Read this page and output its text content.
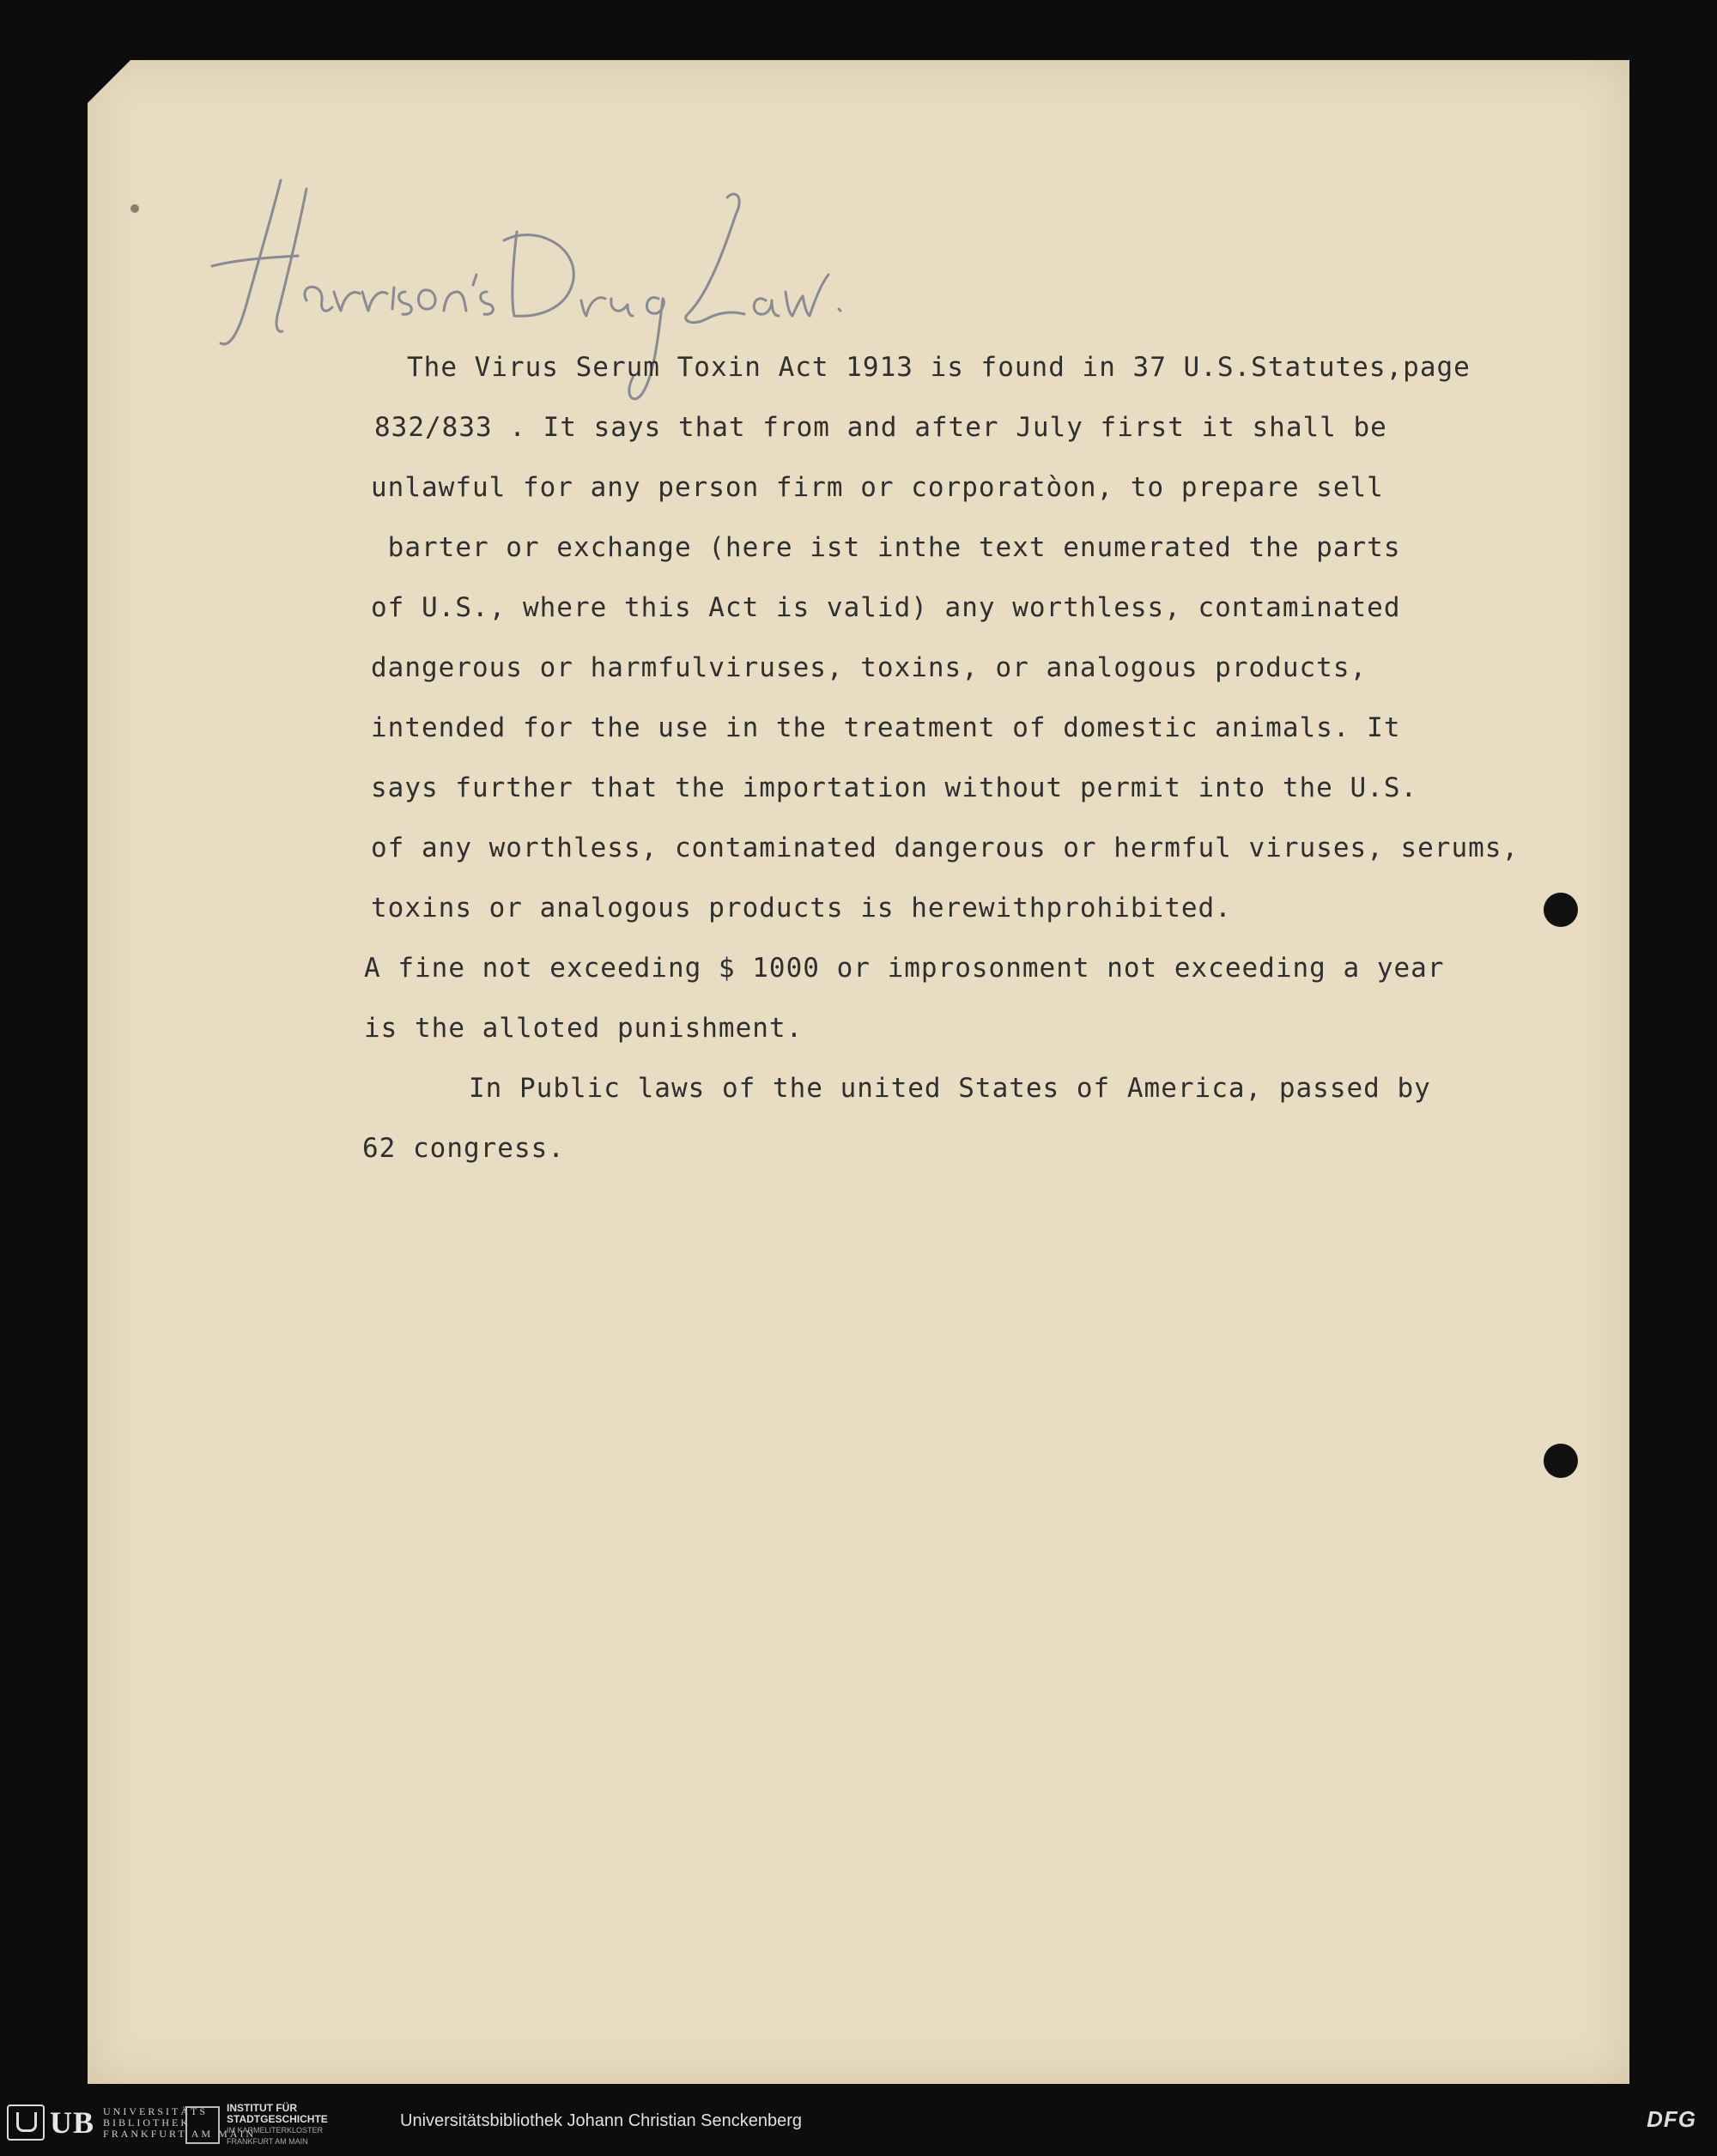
The Virus Serum Toxin Act 1913 is found in 37 U.S.Statutes,page

832/833 . It says that from and after July first it shall be

unlawful for any person firm or corporatòon, to prepare sell

barter or exchange (here ist inthe text enumerated the parts

of U.S., where this Act is valid) any worthless, contaminated

dangerous or harmfulviruses, toxins, or analogous products,

intended for the use in the treatment of domestic animals. It

says further that the importation without permit into the U.S.

of any worthless, contaminated dangerous or hermful viruses, serums,

toxins or analogous products is herewithprohibited.

A fine not exceeding $ 1000 or improsonment not exceeding a year

is the alloted punishment.

In Public laws of the united States of America, passed by

62 congress.

UB UNIVERSITÄTS
BIBLIOTHEK
FRANKFURT AM MAIN
INSTITUT FÜR
STADTGESCHICHTE
IM KARMELITERKLOSTER
FRANKFURT AM MAIN
Universitätsbibliothek Johann Christian Senckenberg	DFG
